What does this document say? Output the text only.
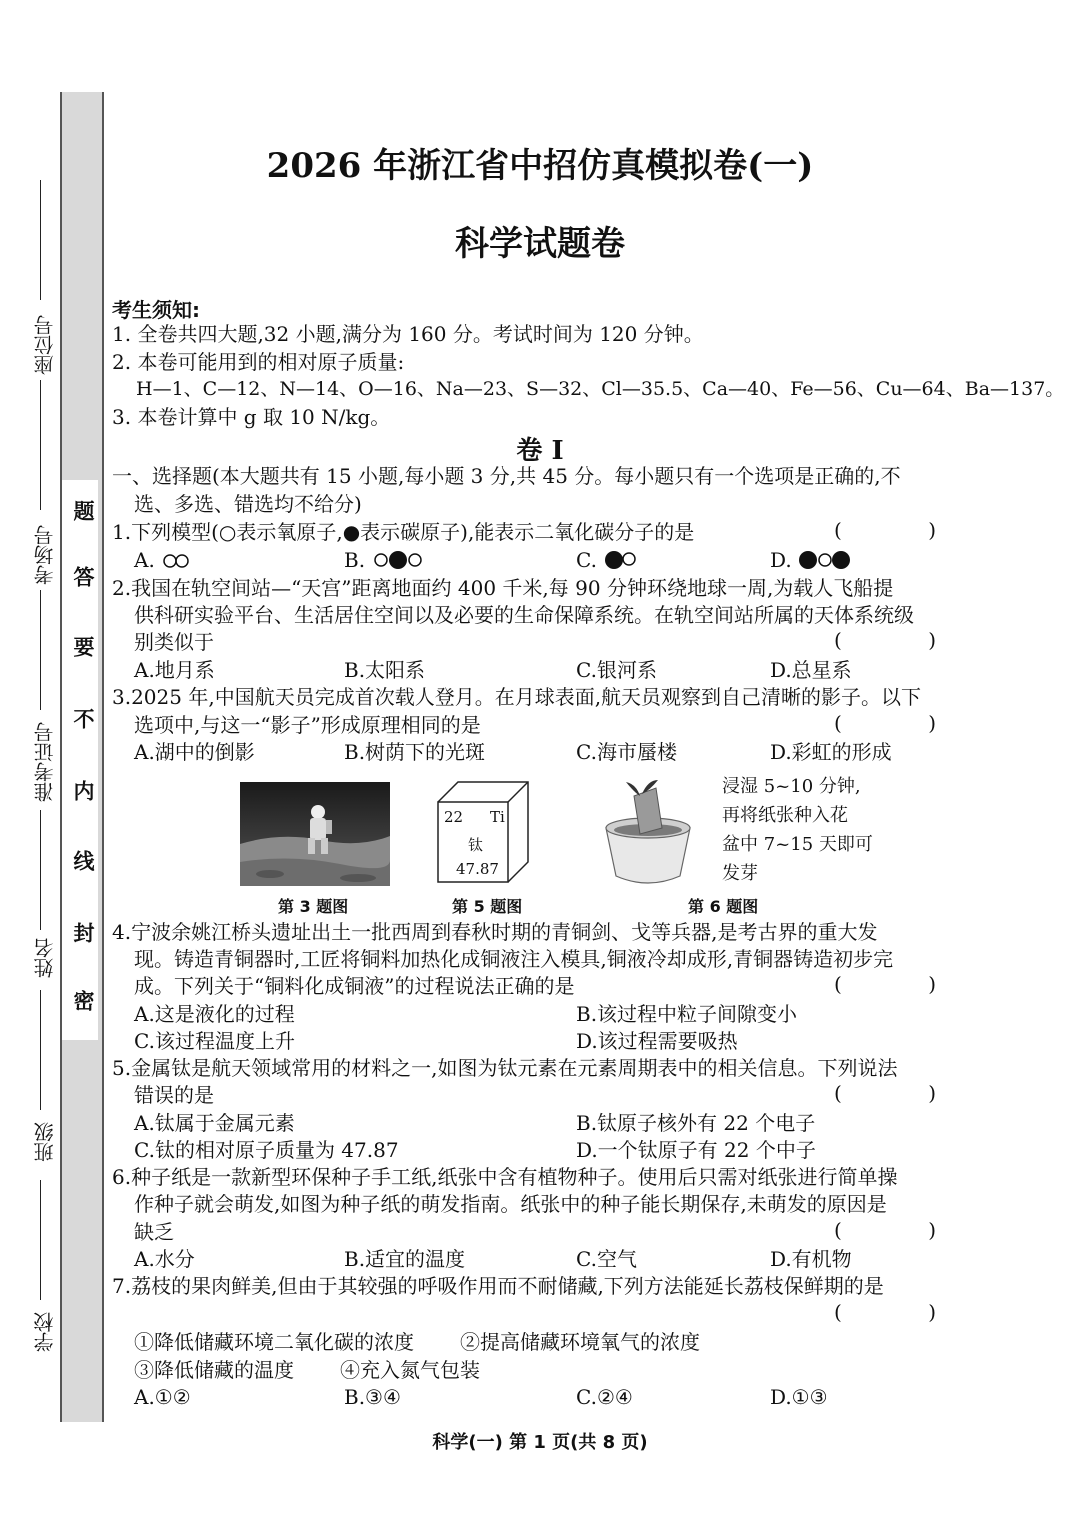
题
答
要
不
内
线
封
密
座位号
考场号
准考证号
姓名
班级
学校
2026 年浙江省中招仿真模拟卷(一)
科学试题卷
考生须知:
1. 全卷共四大题,32 小题,满分为 160 分。考试时间为 120 分钟。
2. 本卷可能用到的相对原子质量:
H—1、C—12、N—14、O—16、Na—23、S—32、Cl—35.5、Ca—40、Fe—56、Cu—64、Ba—137。
3. 本卷计算中 g 取 10 N/kg。
卷 I
一、选择题(本大题共有 15 小题,每小题 3 分,共 45 分。每小题只有一个选项是正确的,不
选、多选、错选均不给分)
1.下列模型(○表示氧原子,●表示碳原子),能表示二氧化碳分子的是	( )
A.	B.	C.	D.
2.我国在轨空间站—“天宫”距离地面约 400 千米,每 90 分钟环绕地球一周,为载人飞船提
供科研实验平台、生活居住空间以及必要的生命保障系统。在轨空间站所属的天体系统级
别类似于	( )
A.地月系	B.太阳系	C.银河系	D.总星系
3.2025 年,中国航天员完成首次载人登月。在月球表面,航天员观察到自己清晰的影子。以下
选项中,与这一“影子”形成原理相同的是	( )
A.湖中的倒影	B.树荫下的光斑	C.海市蜃楼	D.彩虹的形成
第 3 题图
22 Ti
钛
47.87
第 5 题图
浸湿 5~10 分钟,
再将纸张种入花
盆中 7~15 天即可
发芽
第 6 题图
4.宁波余姚江桥头遗址出土一批西周到春秋时期的青铜剑、戈等兵器,是考古界的重大发
现。铸造青铜器时,工匠将铜料加热化成铜液注入模具,铜液冷却成形,青铜器铸造初步完
成。下列关于“铜料化成铜液”的过程说法正确的是	( )
A.这是液化的过程	B.该过程中粒子间隙变小
C.该过程温度上升	D.该过程需要吸热
5.金属钛是航天领域常用的材料之一,如图为钛元素在元素周期表中的相关信息。下列说法
错误的是	( )
A.钛属于金属元素	B.钛原子核外有 22 个电子
C.钛的相对原子质量为 47.87	D.一个钛原子有 22 个中子
6.种子纸是一款新型环保种子手工纸,纸张中含有植物种子。使用后只需对纸张进行简单操
作种子就会萌发,如图为种子纸的萌发指南。纸张中的种子能长期保存,未萌发的原因是
缺乏	( )
A.水分	B.适宜的温度	C.空气	D.有机物
7.荔枝的果肉鲜美,但由于其较强的呼吸作用而不耐储藏,下列方法能延长荔枝保鲜期的是
( )
①降低储藏环境二氧化碳的浓度 ②提高储藏环境氧气的浓度
③降低储藏的温度 ④充入氮气包装
A.①②	B.③④	C.②④	D.①③
科学(一) 第 1 页(共 8 页)
